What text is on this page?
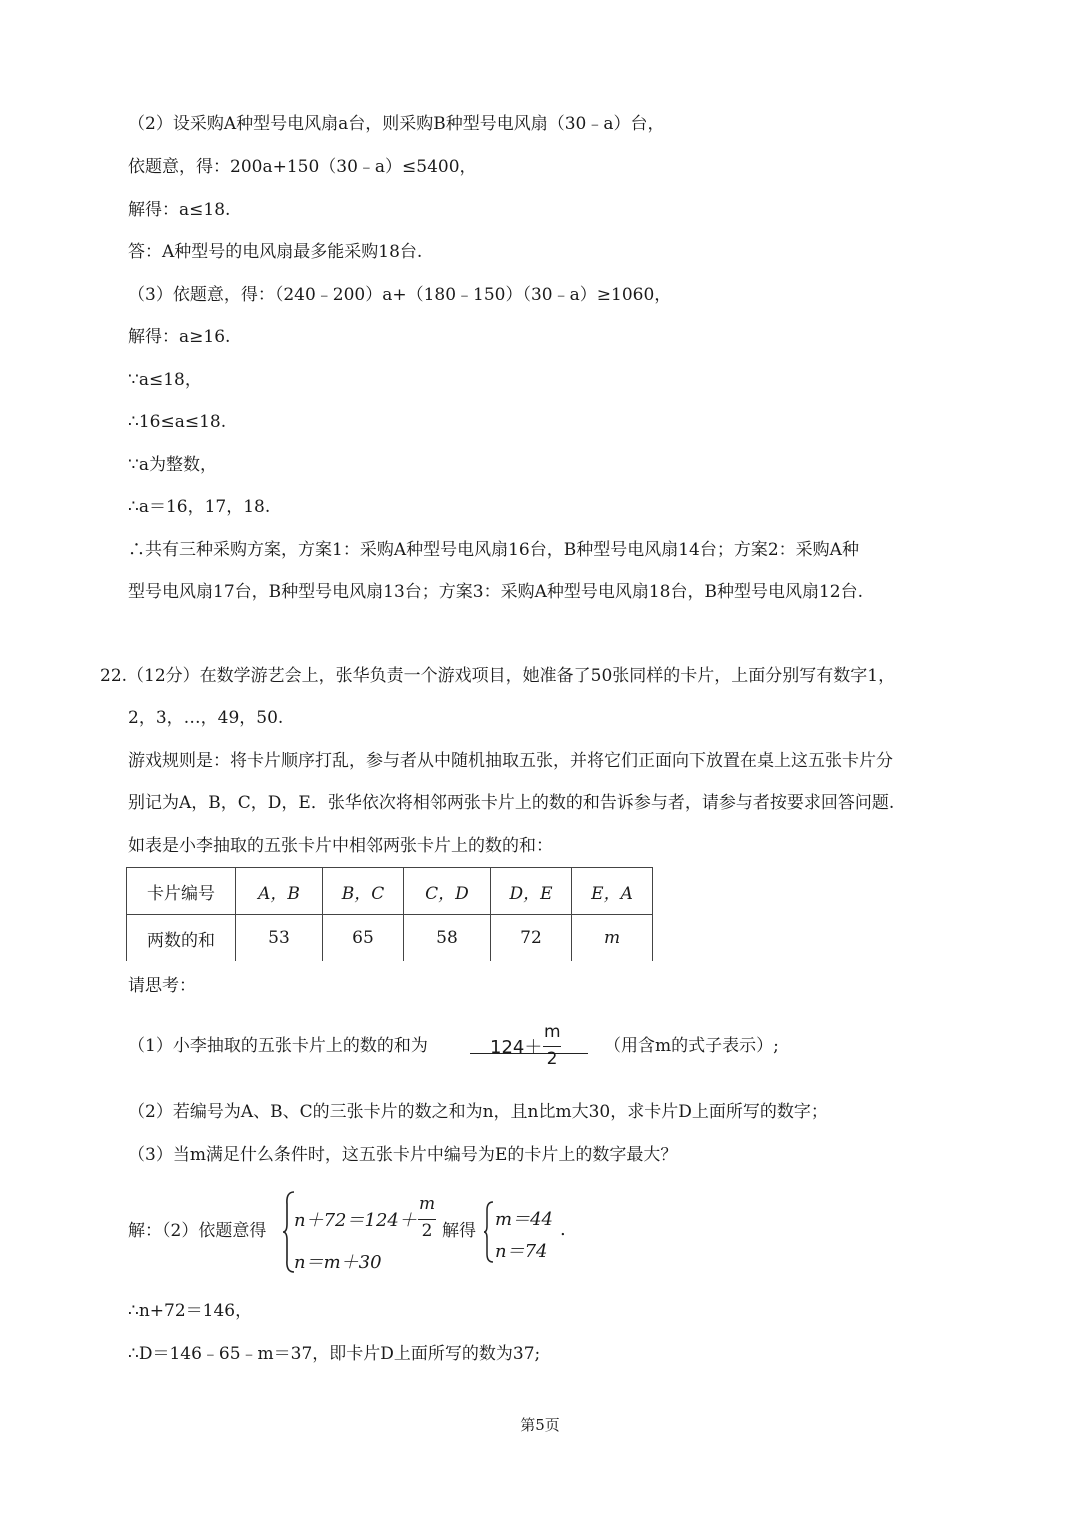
（2）设采购A种型号电风扇a台，则采购B种型号电风扇（30﹣a）台，
依题意，得：200a+150（30﹣a）≤5400，
解得：a≤18.
答：A种型号的电风扇最多能采购18台.
（3）依题意，得：（240﹣200）a+（180﹣150）（30﹣a）≥1060，
解得：a≥16.
∵a≤18，
∴16≤a≤18.
∵a为整数，
∴a＝16，17，18.
∴共有三种采购方案，方案1：采购A种型号电风扇16台，B种型号电风扇14台；方案2：采购A种
型号电风扇17台，B种型号电风扇13台；方案3：采购A种型号电风扇18台，B种型号电风扇12台.
22.（12分）在数学游艺会上，张华负责一个游戏项目，她准备了50张同样的卡片，上面分别写有数字1，
2，3，…，49，50.
游戏规则是：将卡片顺序打乱，参与者从中随机抽取五张，并将它们正面向下放置在桌上这五张卡片分
别记为A，B，C，D，E．张华依次将相邻两张卡片上的数的和告诉参与者，请参与者按要求回答问题.
如表是小李抽取的五张卡片中相邻两张卡片上的数的和：
卡片编号	A，B	B，C	C，D	D，E	E，A
两数的和	53	65	58	72	m
请思考：
（1）小李抽取的五张卡片上的数的和为	124＋
m
2
（用含m的式子表示）;
（2）若编号为A、B、C的三张卡片的数之和为n，且n比m大30，求卡片D上面所写的数字；
（3）当m满足什么条件时，这五张卡片中编号为E的卡片上的数字最大？
解：（2）依题意得 n＋72＝124＋
m
2
n＝m＋30
解得
m＝44
n＝74
.
∴n+72＝146，
∴D＝146﹣65﹣m＝37，即卡片D上面所写的数为37;
第5页
